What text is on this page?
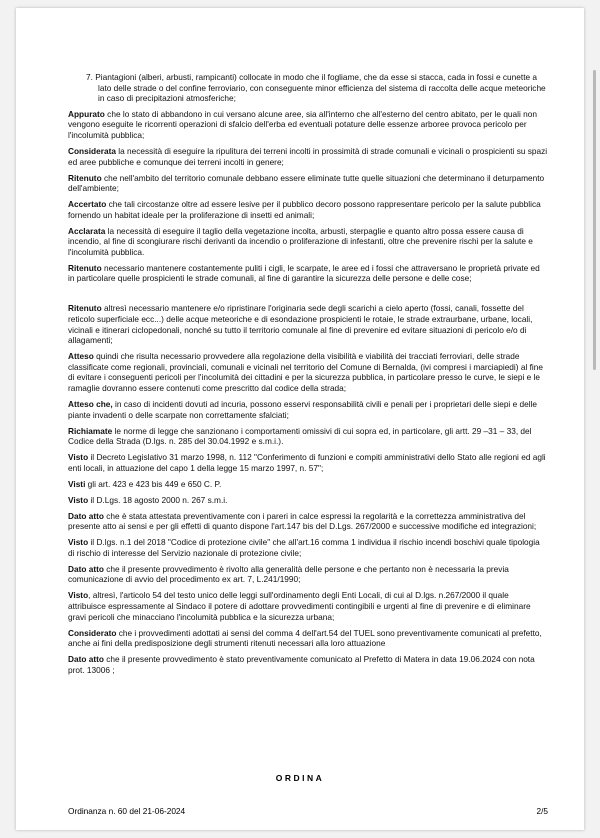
7. Piantagioni (alberi, arbusti, rampicanti) collocate in modo che il fogliame, che da esse si stacca, cada in fossi e cunette a lato delle strade o del confine ferroviario, con conseguente minor efficienza del sistema di raccolta delle acque meteoriche in caso di precipitazioni atmosferiche;
Appurato che lo stato di abbandono in cui versano alcune aree, sia all'interno che all'esterno del centro abitato, per le quali non vengono eseguite le ricorrenti operazioni di sfalcio dell'erba ed eventuali potature delle essenze arboree provoca pericolo per l'incolumità pubblica;
Considerata la necessità di eseguire la ripulitura dei terreni incolti in prossimità di strade comunali e vicinali o prospicienti su spazi ed aree pubbliche e comunque dei terreni incolti in genere;
Ritenuto che nell'ambito del territorio comunale debbano essere eliminate tutte quelle situazioni che determinano il deturpamento dell'ambiente;
Accertato che tali circostanze oltre ad essere lesive per il pubblico decoro possono rappresentare pericolo per la salute pubblica fornendo un habitat ideale per la proliferazione di insetti ed animali;
Acclarata la necessità di eseguire il taglio della vegetazione incolta, arbusti, sterpaglie e quanto altro possa essere causa di incendio, al fine di scongiurare rischi derivanti da incendio o proliferazione di infestanti, oltre che prevenire rischi per la salute e l'incolumità pubblica.
Ritenuto necessario mantenere costantemente puliti i cigli, le scarpate, le aree ed i fossi che attraversano le proprietà private ed in particolare quelle prospicienti le strade comunali, al fine di garantire la sicurezza delle persone e delle cose;
Ritenuto altresì necessario mantenere e/o ripristinare l'originaria sede degli scarichi a cielo aperto (fossi, canali, fossette del reticolo superficiale ecc...) delle acque meteoriche e di esondazione prospicienti le rotaie, le strade extraurbane, urbane, locali, vicinali e itinerari ciclopedonali, nonché su tutto il territorio comunale al fine di prevenire ed evitare situazioni di pericolo e/o di allagamenti;
Atteso quindi che risulta necessario provvedere alla regolazione della visibilità e viabilità dei tracciati ferroviari, delle strade classificate come regionali, provinciali, comunali e vicinali nel territorio del Comune di Bernalda, (ivi compresi i marciapiedi) al fine di evitare i conseguenti pericoli per l'incolumità dei cittadini e per la sicurezza pubblica, in particolare presso le curve, le siepi e le ramaglie dovranno essere contenuti come prescritto dal codice della strada;
Atteso che, in caso di incidenti dovuti ad incuria, possono esservi responsabilità civili e penali per i proprietari delle siepi e delle piante invadenti o delle scarpate non correttamente sfalciati;
Richiamate le norme di legge che sanzionano i comportamenti omissivi di cui sopra ed, in particolare, gli artt. 29 –31 – 33, del Codice della Strada (D.lgs. n. 285 del 30.04.1992 e s.m.i.).
Visto il Decreto Legislativo 31 marzo 1998, n. 112 "Conferimento di funzioni e compiti amministrativi dello Stato alle regioni ed agli enti locali, in attuazione del capo 1 della legge 15 marzo 1997, n. 57";
Visti gli art. 423 e 423 bis 449 e 650 C. P.
Visto il D.Lgs. 18 agosto 2000 n. 267 s.m.i.
Dato atto che è stata attestata preventivamente con i pareri in calce espressi la regolarità e la correttezza amministrativa del presente atto ai sensi e per gli effetti di quanto dispone l'art.147 bis del D.Lgs. 267/2000 e successive modifiche ed integrazioni;
Visto il D.lgs. n.1 del 2018 "Codice di protezione civile" che all'art.16 comma 1 individua il rischio incendi boschivi quale tipologia di rischio di interesse del Servizio nazionale di protezione civile;
Dato atto che il presente provvedimento è rivolto alla generalità delle persone e che pertanto non è necessaria la previa comunicazione di avvio del procedimento ex art. 7, L.241/1990;
Visto, altresì, l'articolo 54 del testo unico delle leggi sull'ordinamento degli Enti Locali, di cui al D.lgs. n.267/2000 il quale attribuisce espressamente al Sindaco il potere di adottare provvedimenti contingibili e urgenti al fine di prevenire e di eliminare gravi pericoli che minacciano l'incolumità pubblica e la sicurezza urbana;
Considerato che i provvedimenti adottati ai sensi del comma 4 dell'art.54 del TUEL sono preventivamente comunicati al prefetto, anche ai fini della predisposizione degli strumenti ritenuti necessari alla loro attuazione
Dato atto che il presente provvedimento è stato preventivamente comunicato al Prefetto di Matera in data 19.06.2024 con nota prot. 13006 ;
ORDINA
Ordinanza n. 60 del 21-06-2024	2/5
